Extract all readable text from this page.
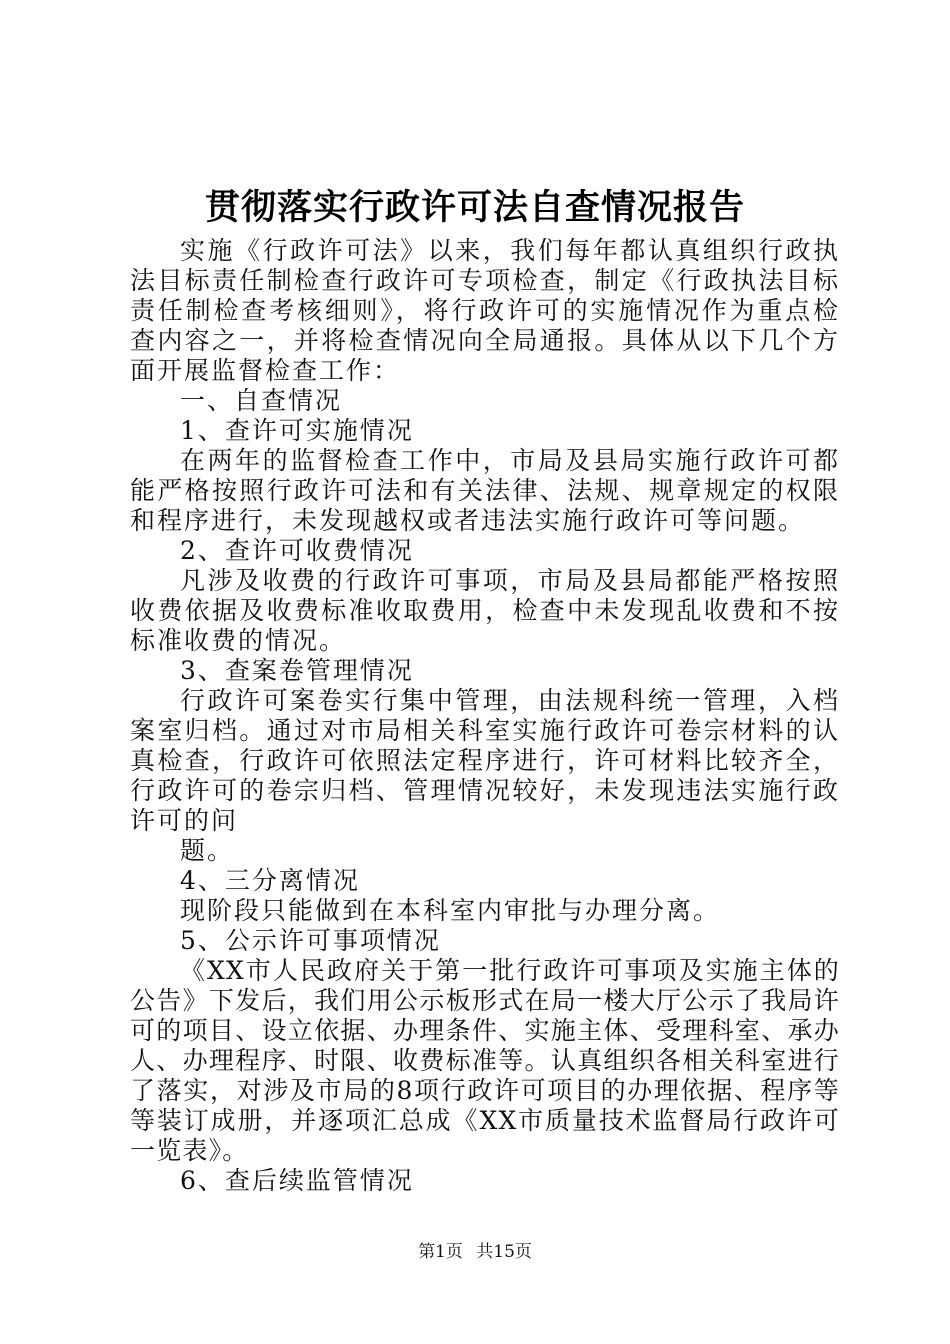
贯彻落实行政许可法自查情况报告

实施《行政许可法》以来，我们每年都认真组织行政执法目标责任制检查行政许可专项检查，制定《行政执法目标责任制检查考核细则》，将行政许可的实施情况作为重点检查内容之一，并将检查情况向全局通报。具体从以下几个方面开展监督检查工作：

一、自查情况

1、查许可实施情况

在两年的监督检查工作中，市局及县局实施行政许可都能严格按照行政许可法和有关法律、法规、规章规定的权限和程序进行，未发现越权或者违法实施行政许可等问题。

2、查许可收费情况

凡涉及收费的行政许可事项，市局及县局都能严格按照收费依据及收费标准收取费用，检查中未发现乱收费和不按标准收费的情况。

3、查案卷管理情况

行政许可案卷实行集中管理，由法规科统一管理，入档案室归档。通过对市局相关科室实施行政许可卷宗材料的认真检查，行政许可依照法定程序进行，许可材料比较齐全，行政许可的卷宗归档、管理情况较好，未发现违法实施行政许可的问

题。

4、三分离情况

现阶段只能做到在本科室内审批与办理分离。

5、公示许可事项情况

《XX市人民政府关于第一批行政许可事项及实施主体的公告》下发后，我们用公示板形式在局一楼大厅公示了我局许可的项目、设立依据、办理条件、实施主体、受理科室、承办人、办理程序、时限、收费标准等。认真组织各相关科室进行了落实，对涉及市局的8项行政许可项目的办理依据、程序等等装订成册，并逐项汇总成《XX市质量技术监督局行政许可一览表》。

6、查后续监管情况

第1页 共15页
